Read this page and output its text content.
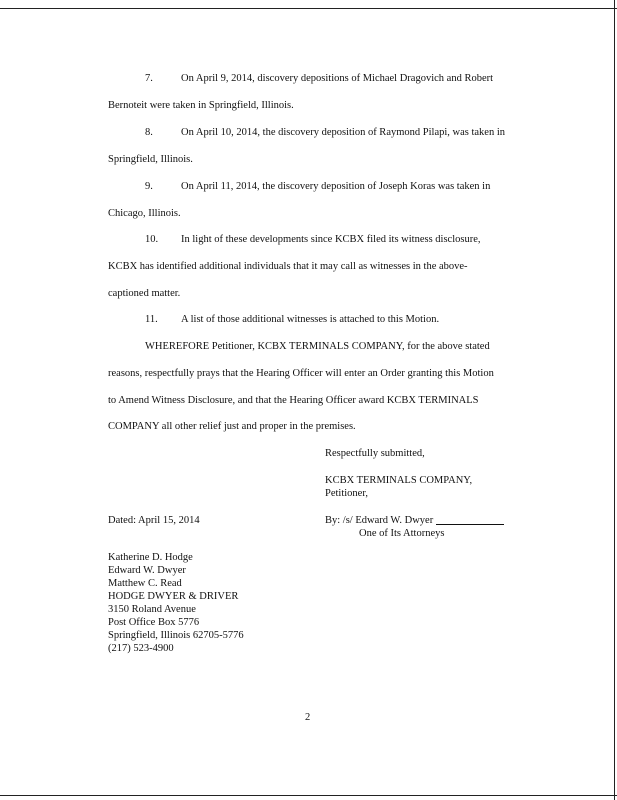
7.	On April 9, 2014, discovery depositions of Michael Dragovich and Robert
Bernoteit were taken in Springfield, Illinois.
8.	On April 10, 2014, the discovery deposition of Raymond Pilapi, was taken in
Springfield, Illinois.
9.	On April 11, 2014, the discovery deposition of Joseph Koras was taken in
Chicago, Illinois.
10. In light of these developments since KCBX filed its witness disclosure,
KCBX has identified additional individuals that it may call as witnesses in the above-
captioned matter.
11. A list of those additional witnesses is attached to this Motion.
WHEREFORE Petitioner, KCBX TERMINALS COMPANY, for the above stated
reasons, respectfully prays that the Hearing Officer will enter an Order granting this Motion
to Amend Witness Disclosure, and that the Hearing Officer award KCBX TERMINALS
COMPANY all other relief just and proper in the premises.
Respectfully submitted,
KCBX TERMINALS COMPANY,
Petitioner,
Dated: April 15, 2014	By: /s/ Edward W. Dwyer
One of Its Attorneys
Katherine D. Hodge
Edward W. Dwyer
Matthew C. Read
HODGE DWYER & DRIVER
3150 Roland Avenue
Post Office Box 5776
Springfield, Illinois 62705-5776
(217) 523-4900
2
